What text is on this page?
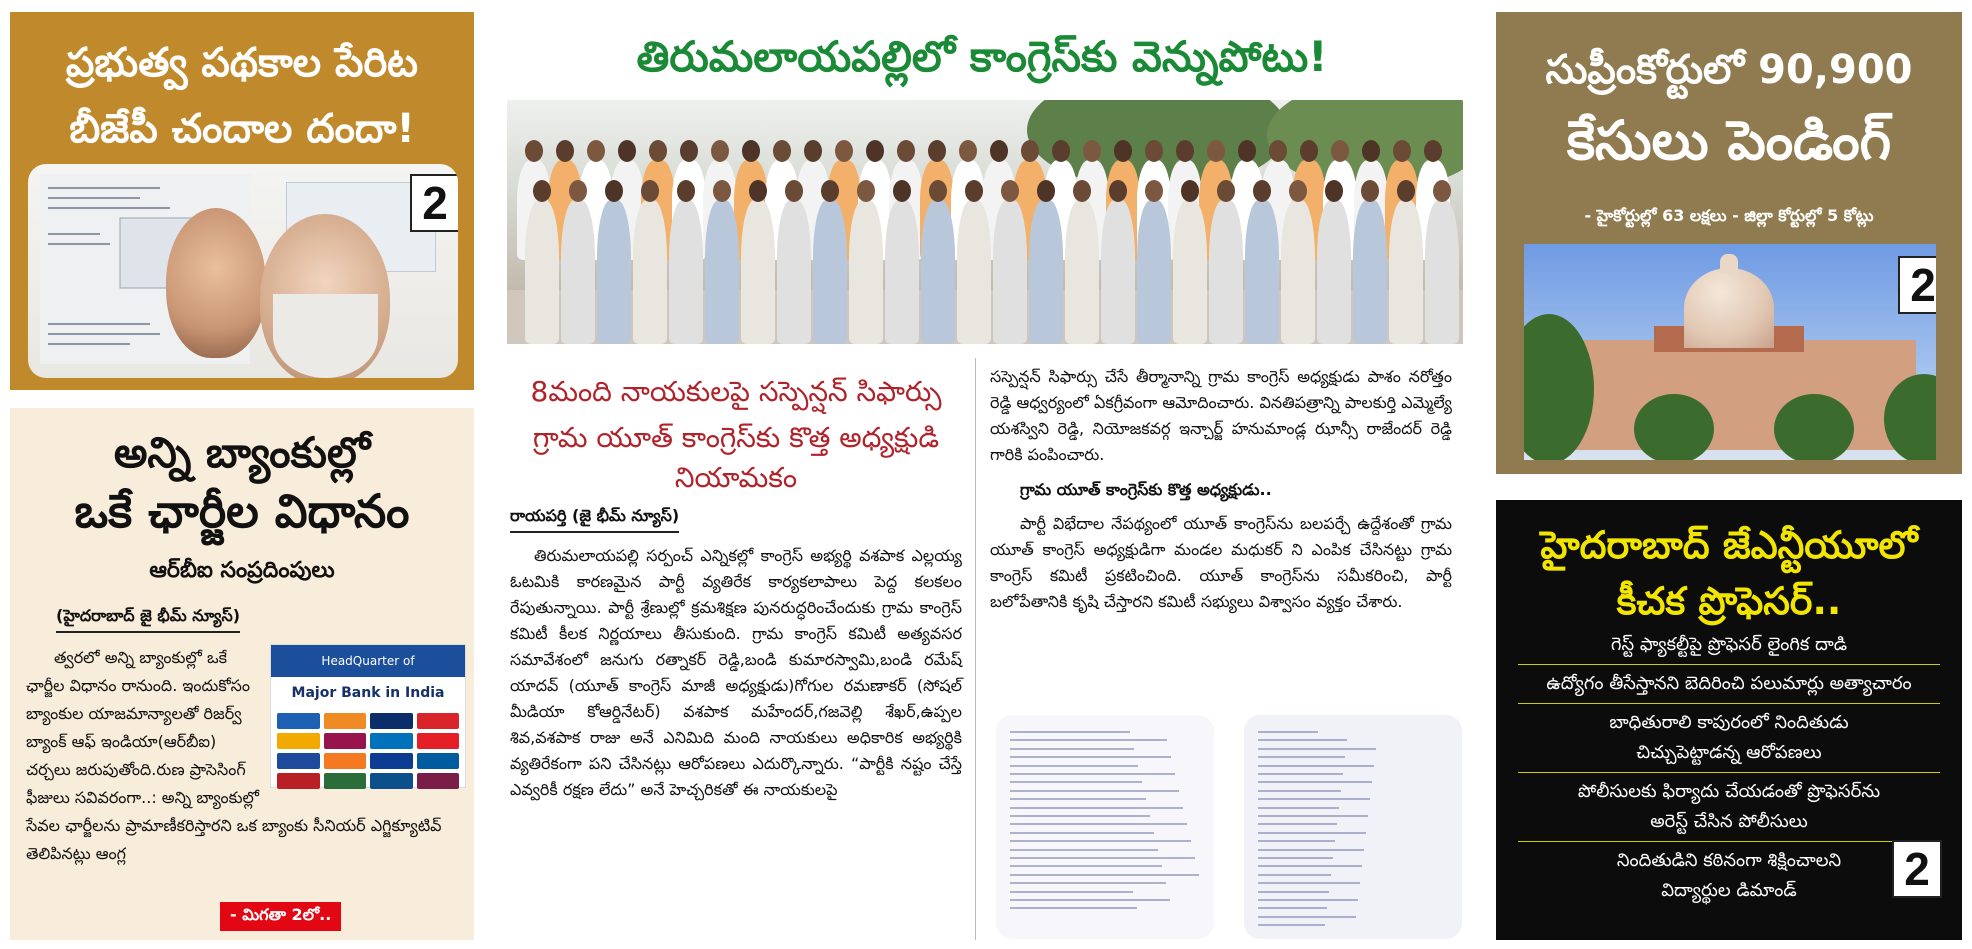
ప్రభుత్వ పథకాల పేరిట
బీజేపీ చందాల దందా!
2
అన్ని బ్యాంకుల్లో
ఒకే ఛార్జీల విధానం
ఆర్‌బీఐ సంప్రదింపులు
(హైదరాబాద్ జై భీమ్ న్యూస్)
HeadQuarter of
Major Bank in India

త్వరలో అన్ని బ్యాంకుల్లో ఒకే ఛార్జీల విధానం రానుంది. ఇందుకోసం బ్యాంకుల యాజమాన్యాలతో రిజర్వ్ బ్యాంక్ ఆఫ్ ఇండియా(ఆర్‌బీఐ) చర్చలు జరుపుతోంది.రుణ ప్రాసెసింగ్ ఫీజులు సవివరంగా..: అన్ని బ్యాంకుల్లో సేవల ఛార్జీలను ప్రామాణీకరిస్తారని ఒక బ్యాంకు సీనియర్ ఎగ్జిక్యూటివ్ తెలిపినట్లు ఆంగ్ల

- మిగతా 2లో..
తిరుమలాయపల్లిలో కాంగ్రెస్‌కు వెన్నుపోటు!
8మంది నాయకులపై సస్పెన్షన్ సిఫార్సు
గ్రామ యూత్ కాంగ్రెస్‌కు కొత్త అధ్యక్షుడి నియామకం
రాయపర్తి (జై భీమ్ న్యూస్)

తిరుమలాయపల్లి సర్పంచ్ ఎన్నికల్లో కాంగ్రెస్ అభ్యర్థి వశపాక ఎల్లయ్య ఓటమికి కారణమైన పార్టీ వ్యతిరేక కార్యకలాపాలు పెద్ద కలకలం రేపుతున్నాయి. పార్టీ శ్రేణుల్లో క్రమశిక్షణ పునరుద్ధరించేందుకు గ్రామ కాంగ్రెస్ కమిటీ కీలక నిర్ణయాలు తీసుకుంది. గ్రామ కాంగ్రెస్ కమిటీ అత్యవసర సమావేశంలో జనుగు రత్నాకర్ రెడ్డి,బండి కుమారస్వామి,బండి రమేష్ యాదవ్ (యూత్ కాంగ్రెస్ మాజీ అధ్యక్షుడు)గోగుల రమణాకర్ (సోషల్ మీడియా కోఆర్డినేటర్) వశపాక మహేందర్,గజవెల్లి శేఖర్,ఉప్పల శివ,వశపాక రాజు అనే ఎనిమిది మంది నాయకులు అధికారిక అభ్యర్థికి వ్యతిరేకంగా పని చేసినట్లు ఆరోపణలు ఎదుర్కొన్నారు. “పార్టీకి నష్టం చేస్తే ఎవ్వరికీ రక్షణ లేదు” అనే హెచ్చరికతో ఈ నాయకులపై

సస్పెన్షన్ సిఫార్సు చేసే తీర్మానాన్ని గ్రామ కాంగ్రెస్ అధ్యక్షుడు పాశం నరోత్తం రెడ్డి ఆధ్వర్యంలో ఏకగ్రీవంగా ఆమోదించారు. వినతిపత్రాన్ని పాలకుర్తి ఎమ్మెల్యే యశస్విని రెడ్డి, నియోజకవర్గ ఇన్చార్జ్ హనుమాండ్ల ఝాన్సీ రాజేందర్ రెడ్డి గారికి పంపించారు.

గ్రామ యూత్ కాంగ్రెస్‌కు కొత్త అధ్యక్షుడు..

పార్టీ విభేదాల నేపథ్యంలో యూత్ కాంగ్రెస్‌ను బలపర్చే ఉద్దేశంతో గ్రామ యూత్ కాంగ్రెస్ అధ్యక్షుడిగా మండల మధుకర్ ని ఎంపిక చేసినట్టు గ్రామ కాంగ్రెస్ కమిటీ ప్రకటించింది. యూత్ కాంగ్రెస్‌ను సమీకరించి, పార్టీ బలోపేతానికి కృషి చేస్తారని కమిటీ సభ్యులు విశ్వాసం వ్యక్తం చేశారు.

సుప్రీంకోర్టులో 90,900
కేసులు పెండింగ్
- హైకోర్టుల్లో 63 లక్షలు - జిల్లా కోర్టుల్లో 5 కోట్లు
2
హైదరాబాద్ జేఎన్టీయూలో
కీచక ప్రొఫెసర్..
గెస్ట్ ఫ్యాకల్టీపై ప్రొఫెసర్ లైంగిక దాడి
ఉద్యోగం తీసేస్తానని బెదిరించి పలుమార్లు అత్యాచారం
బాధితురాలి కాపురంలో నిందితుడు
చిచ్చుపెట్టాడన్న ఆరోపణలు
పోలీసులకు ఫిర్యాదు చేయడంతో ప్రొఫెసర్‌ను
అరెస్ట్ చేసిన పోలీసులు
నిందితుడిని కఠినంగా శిక్షించాలని
విద్యార్థుల డిమాండ్	2
